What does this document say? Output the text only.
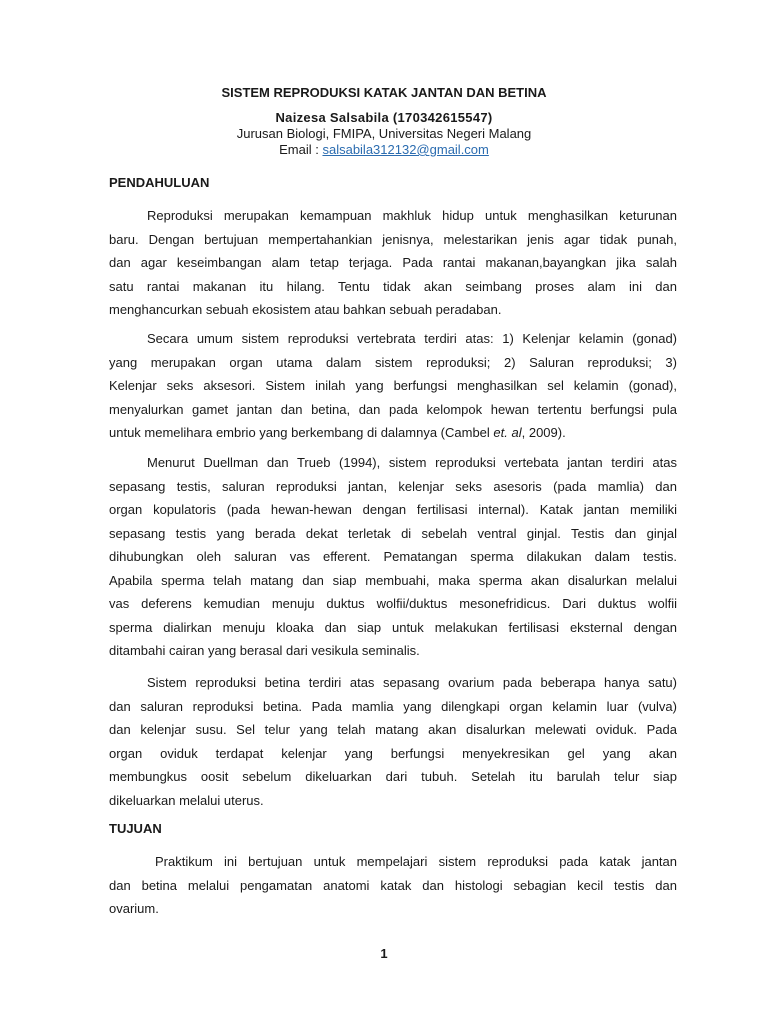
SISTEM REPRODUKSI KATAK JANTAN DAN BETINA
Naizesa Salsabila (170342615547)
Jurusan Biologi, FMIPA, Universitas Negeri Malang
Email : salsabila312132@gmail.com
PENDAHULUAN
Reproduksi merupakan kemampuan makhluk hidup untuk menghasilkan keturunan
baru. Dengan bertujuan mempertahankian jenisnya, melestarikan jenis agar tidak punah,
dan agar keseimbangan alam tetap terjaga. Pada rantai makanan,bayangkan jika salah
satu rantai makanan itu hilang. Tentu tidak akan seimbang proses alam ini dan
menghancurkan sebuah ekosistem atau bahkan sebuah peradaban.
Secara umum sistem reproduksi vertebrata terdiri atas: 1) Kelenjar kelamin (gonad)
yang merupakan organ utama dalam sistem reproduksi; 2) Saluran reproduksi; 3)
Kelenjar seks aksesori. Sistem inilah yang berfungsi menghasilkan sel kelamin (gonad),
menyalurkan gamet jantan dan betina, dan pada kelompok hewan tertentu berfungsi pula
untuk memelihara embrio yang berkembang di dalamnya (Cambel et. al, 2009).
Menurut Duellman dan Trueb (1994), sistem reproduksi vertebata jantan terdiri atas
sepasang testis, saluran reproduksi jantan, kelenjar seks asesoris (pada mamlia) dan
organ kopulatoris (pada hewan-hewan dengan fertilisasi internal). Katak jantan memiliki
sepasang testis yang berada dekat terletak di sebelah ventral ginjal. Testis dan ginjal
dihubungkan oleh saluran vas efferent. Pematangan sperma dilakukan dalam testis.
Apabila sperma telah matang dan siap membuahi, maka sperma akan disalurkan melalui
vas deferens kemudian menuju duktus wolfii/duktus mesonefridicus. Dari duktus wolfii
sperma dialirkan menuju kloaka dan siap untuk melakukan fertilisasi eksternal dengan
ditambahi cairan yang berasal dari vesikula seminalis.
Sistem reproduksi betina terdiri atas sepasang ovarium pada beberapa hanya satu)
dan saluran reproduksi betina. Pada mamlia yang dilengkapi organ kelamin luar (vulva)
dan kelenjar susu. Sel telur yang telah matang akan disalurkan melewati oviduk. Pada
organ oviduk terdapat kelenjar yang berfungsi menyekresikan gel yang akan
membungkus oosit sebelum dikeluarkan dari tubuh. Setelah itu barulah telur siap
dikeluarkan melalui uterus.
TUJUAN
Praktikum ini bertujuan untuk mempelajari sistem reproduksi pada katak jantan
dan betina melalui pengamatan anatomi katak dan histologi sebagian kecil testis dan
ovarium.
1
